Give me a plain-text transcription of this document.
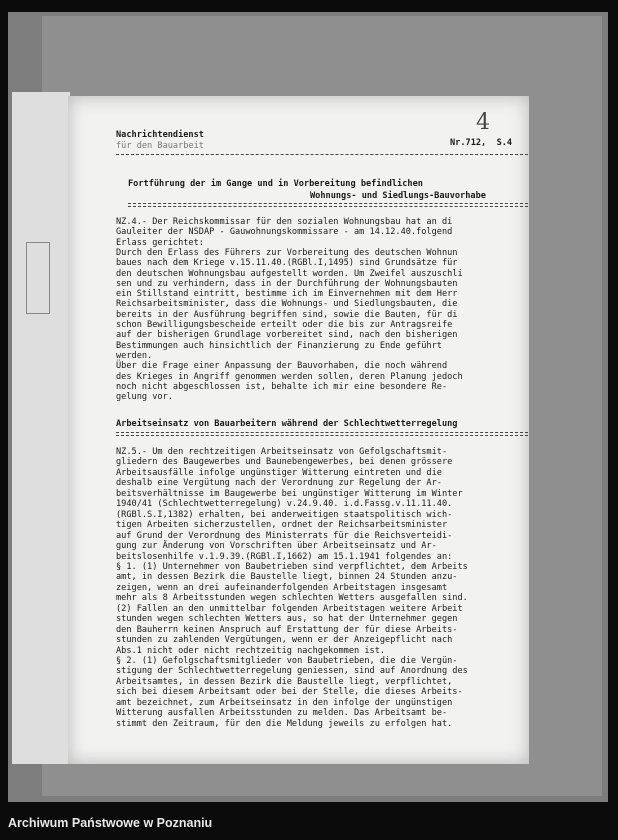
4
Nachrichtendienst
für den Bauarbeit	Nr.712,  S.4
Fortführung der im Gange und in Vorbereitung befindlichen
Wohnungs- und Siedlungs-Bauvorhabe
NZ.4.- Der Reichskommissar für den sozialen Wohnungsbau hat an di
Gauleiter der NSDAP - Gauwohnungskommissare - am 14.12.40.folgend
Erlass gerichtet:
Durch den Erlass des Führers zur Vorbereitung des deutschen Wohnun
baues nach dem Kriege v.15.11.40.(RGBl.I,1495) sind Grundsätze für
den deutschen Wohnungsbau aufgestellt worden. Um Zweifel auszuschli
sen und zu verhindern, dass in der Durchführung der Wohnungsbauten
ein Stillstand eintritt, bestimme ich im Einvernehmen mit dem Herr
Reichsarbeitsminister, dass die Wohnungs- und Siedlungsbauten, die
bereits in der Ausführung begriffen sind, sowie die Bauten, für di
schon Bewilligungsbescheide erteilt oder die bis zur Antragsreife
auf der bisherigen Grundlage vorbereitet sind, nach den bisherigen
Bestimmungen auch hinsichtlich der Finanzierung zu Ende geführt
werden.
Über die Frage einer Anpassung der Bauvorhaben, die noch während
des Krieges in Angriff genommen werden sollen, deren Planung jedoch
noch nicht abgeschlossen ist, behalte ich mir eine besondere Re-
gelung vor.
Arbeitseinsatz von Bauarbeitern während der Schlechtwetterregelung
NZ.5.- Um den rechtzeitigen Arbeitseinsatz von Gefolgschaftsmit-
gliedern des Baugewerbes und Baunebengewerbes, bei denen grössere
Arbeitsausfälle infolge ungünstiger Witterung eintreten und die
deshalb eine Vergütung nach der Verordnung zur Regelung der Ar-
beitsverhältnisse im Baugewerbe bei ungünstiger Witterung im Winter
1940/41 (Schlechtwetterregelung) v.24.9.40. i.d.Fassg.v.11.11.40.
(RGBl.S.I,1382) erhalten, bei anderweitigen staatspolitisch wich-
tigen Arbeiten sicherzustellen, ordnet der Reichsarbeitsminister
auf Grund der Verordnung des Ministerrats für die Reichsverteidi-
gung zur Änderung von Vorschriften über Arbeitseinsatz und Ar-
beitslosenhilfe v.1.9.39.(RGBl.I,1662) am 15.1.1941 folgendes an:
§ 1. (1) Unternehmer von Baubetrieben sind verpflichtet, dem Arbeits
amt, in dessen Bezirk die Baustelle liegt, binnen 24 Stunden anzu-
zeigen, wenn an drei aufeinanderfolgenden Arbeitstagen insgesamt
mehr als 8 Arbeitsstunden wegen schlechten Wetters ausgefallen sind.
(2) Fallen an den unmittelbar folgenden Arbeitstagen weitere Arbeit
stunden wegen schlechten Wetters aus, so hat der Unternehmer gegen
den Bauherrn keinen Anspruch auf Erstattung der für diese Arbeits-
stunden zu zahlenden Vergütungen, wenn er der Anzeigepflicht nach
Abs.1 nicht oder nicht rechtzeitig nachgekommen ist.
§ 2. (1) Gefolgschaftsmitglieder von Baubetrieben, die die Vergün-
stigung der Schlechtwetterregelung geniessen, sind auf Anordnung des
Arbeitsamtes, in dessen Bezirk die Baustelle liegt, verpflichtet,
sich bei diesem Arbeitsamt oder bei der Stelle, die dieses Arbeits-
amt bezeichnet, zum Arbeitseinsatz in den infolge der ungünstigen
Witterung ausfallen Arbeitsstunden zu melden. Das Arbeitsamt be-
stimmt den Zeitraum, für den die Meldung jeweils zu erfolgen hat.
Archiwum Państwowe w Poznaniu
